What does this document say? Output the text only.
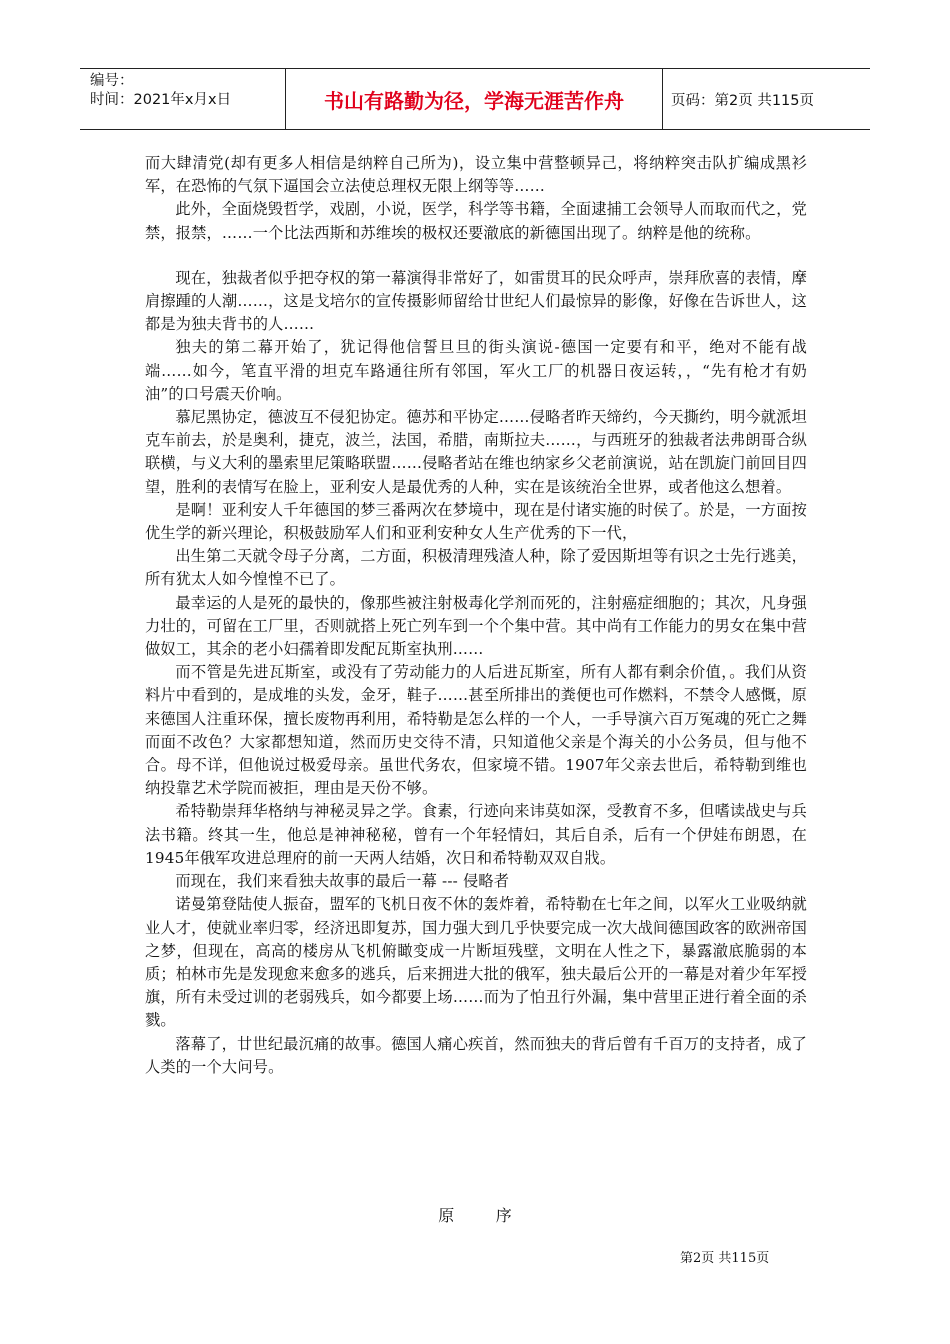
编号：
时间：2021年x月x日	书山有路勤为径，学海无涯苦作舟	页码：第2页 共115页

而大肆清党(却有更多人相信是纳粹自己所为)，设立集中营整顿异己，将纳粹突击队扩编成黑衫军，在恐怖的气氛下逼国会立法使总理权无限上纲等等……

此外，全面烧毁哲学，戏剧，小说，医学，科学等书籍，全面逮捕工会领导人而取而代之，党禁，报禁，……一个比法西斯和苏维埃的极权还要澈底的新德国出现了。纳粹是他的统称。

现在，独裁者似乎把夺权的第一幕演得非常好了，如雷贯耳的民众呼声，崇拜欣喜的表情，摩肩擦踵的人潮……，这是戈培尔的宣传摄影师留给廿世纪人们最惊异的影像，好像在告诉世人，这都是为独夫背书的人……

独夫的第二幕开始了，犹记得他信誓旦旦的街头演说-德国一定要有和平，绝对不能有战端……如今，笔直平滑的坦克车路通往所有邻国，军火工厂的机器日夜运转，，“先有枪才有奶油”的口号震天价响。

慕尼黑协定，德波互不侵犯协定。德苏和平协定……侵略者昨天缔约，今天撕约，明今就派坦克车前去，於是奥利，捷克，波兰，法国，希腊，南斯拉夫……，与西班牙的独裁者法弗朗哥合纵联横，与义大利的墨索里尼策略联盟……侵略者站在维也纳家乡父老前演说，站在凯旋门前回目四望，胜利的表情写在脸上，亚利安人是最优秀的人种，实在是该统治全世界，或者他这么想着。

是啊！亚利安人千年德国的梦三番两次在梦境中，现在是付诸实施的时侯了。於是，一方面按优生学的新兴理论，积极鼓励军人们和亚利安种女人生产优秀的下一代，

出生第二天就令母子分离，二方面，积极清理残渣人种，除了爱因斯坦等有识之士先行逃美，所有犹太人如今惶惶不已了。

最幸运的人是死的最快的，像那些被注射极毒化学剂而死的，注射癌症细胞的；其次，凡身强力壮的，可留在工厂里，否则就搭上死亡列车到一个个集中营。其中尚有工作能力的男女在集中营做奴工，其余的老小妇孺着即发配瓦斯室执刑……

而不管是先进瓦斯室，或没有了劳动能力的人后进瓦斯室，所有人都有剩余价值，。我们从资料片中看到的，是成堆的头发，金牙，鞋子……甚至所排出的粪便也可作燃料，不禁令人感慨，原来德国人注重环保，擅长废物再利用，希特勒是怎么样的一个人，一手导演六百万冤魂的死亡之舞而面不改色？大家都想知道，然而历史交待不清，只知道他父亲是个海关的小公务员，但与他不合。母不详，但他说过极爱母亲。虽世代务农，但家境不错。1907年父亲去世后，希特勒到维也纳投靠艺术学院而被拒，理由是天份不够。

希特勒崇拜华格纳与神秘灵异之学。食素，行迹向来讳莫如深，受教育不多，但嗜读战史与兵法书籍。终其一生，他总是神神秘秘，曾有一个年轻情妇，其后自杀，后有一个伊娃布朗恩，在1945年俄军攻进总理府的前一天两人结婚，次日和希特勒双双自戕。

而现在，我们来看独夫故事的最后一幕 --- 侵略者

诺曼第登陆使人振奋，盟军的飞机日夜不休的轰炸着，希特勒在七年之间，以军火工业吸纳就业人才，使就业率归零，经济迅即复苏，国力强大到几乎快要完成一次大战间德国政客的欧洲帝国之梦，但现在，高高的楼房从飞机俯瞰变成一片断垣残壁，文明在人性之下，暴露澈底脆弱的本质；柏林市先是发现愈来愈多的逃兵，后来拥进大批的俄军，独夫最后公开的一幕是对着少年军授旗，所有未受过训的老弱残兵，如今都要上场……而为了怕丑行外漏，集中营里正进行着全面的杀戮。

落幕了，廿世纪最沉痛的故事。德国人痛心疾首，然而独夫的背后曾有千百万的支持者，成了人类的一个大问号。

原序
第2页 共115页
